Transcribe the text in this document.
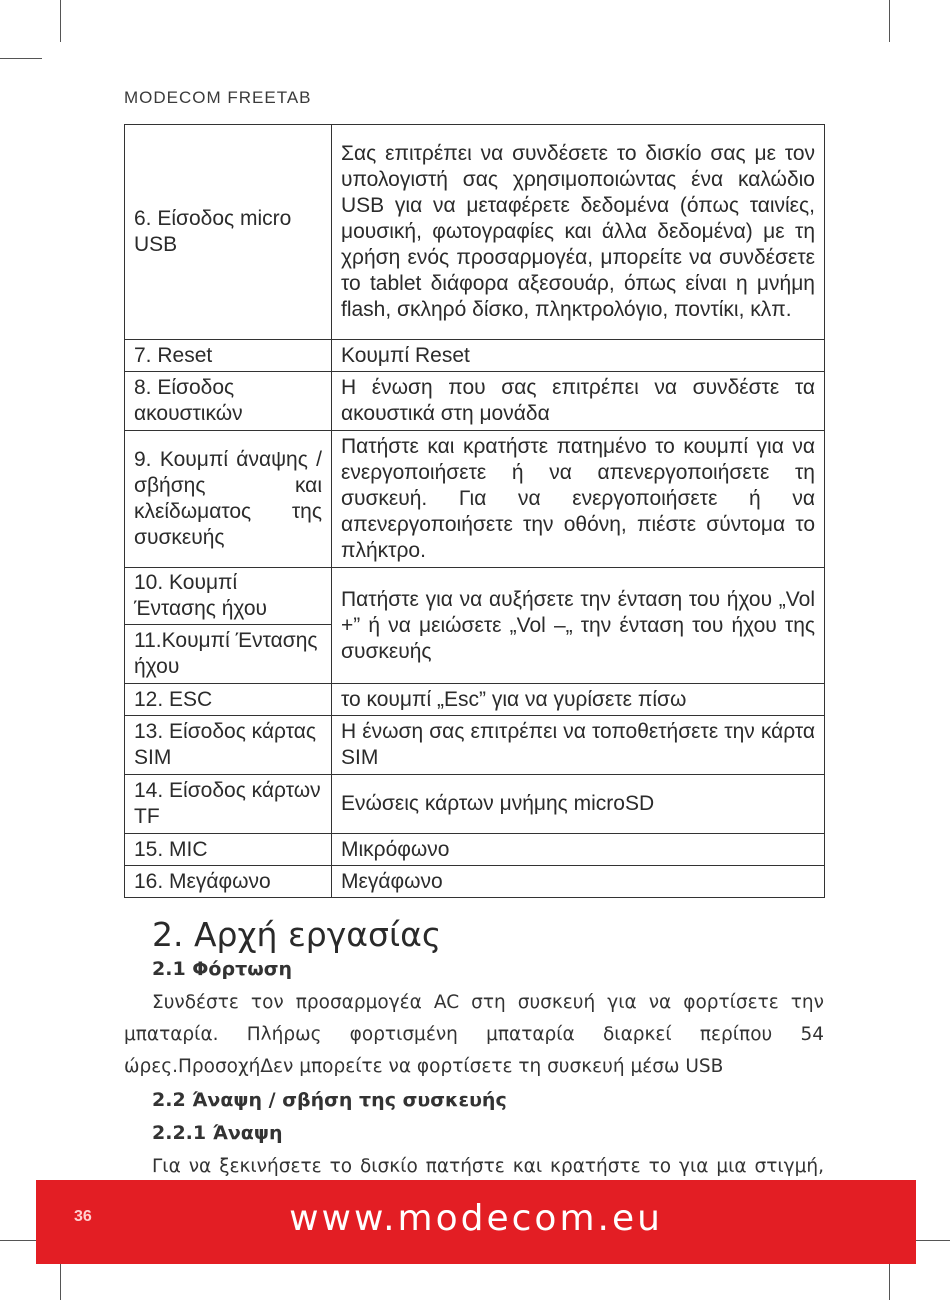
MODECOM FREETAB
6. Είσοδος micro USB	Σας επιτρέπει να συνδέσετε το δισκίο σας με τον υπολογιστή σας χρησιμοποιώντας ένα καλώδιο USB για να μεταφέρετε δεδομένα (όπως ταινίες, μουσική, φωτογραφίες και άλλα δεδομένα) με τη χρήση ενός προσαρμογέα, μπορείτε να συνδέσετε το tablet διάφορα αξεσουάρ, όπως είναι η μνήμη flash, σκληρό δίσκο, πληκτρολόγιο, ποντίκι, κλπ.
7. Reset	Κουμπί Reset
8. Είσοδος ακουστικών	Η ένωση που σας επιτρέπει να συνδέστε τα ακουστικά στη μονάδα
9. Κουμπί άναψης / σβήσης και κλείδωματος της συσκευής	Πατήστε και κρατήστε πατημένο το κουμπί για να ενεργοποιήσετε ή να απενεργοποιήσετε τη συσκευή. Για να ενεργοποιήσετε ή να απενεργοποιήσετε την οθόνη, πιέστε σύντομα το πλήκτρο.
10. Κουμπί Έντασης ήχου	Πατήστε για να αυξήσετε την ένταση του ήχου „Vol +” ή να μειώσετε „Vol –„ την ένταση του ήχου της συσκευής
11.Κουμπί Έντασης ήχου	
12. ESC	το κουμπί „Esc” για να γυρίσετε πίσω
13. Είσοδος κάρτας SIM	Η ένωση σας επιτρέπει να τοποθετήσετε την κάρτα SIM
14. Είσοδος κάρτων TF	Ενώσεις κάρτων μνήμης microSD
15. MIC	Μικρόφωνο
16. Μεγάφωνο	Μεγάφωνο
2. Αρχή εργασίας
2.1 Φόρτωση
Συνδέστε τον προσαρμογέα AC στη συσκευή για να φορτίσετε την μπαταρία. Πλήρως φορτισμένη μπαταρία διαρκεί περίπου 54 ώρες.ΠροσοχήΔεν μπορείτε να φορτίσετε τη συσκευή μέσω USB
2.2 Άναψη / σβήση της συσκευής
2.2.1 Άναψη
Για να ξεκινήσετε το δισκίο πατήστε και κρατήστε το για μια στιγμή,
36	www.modecom.eu
